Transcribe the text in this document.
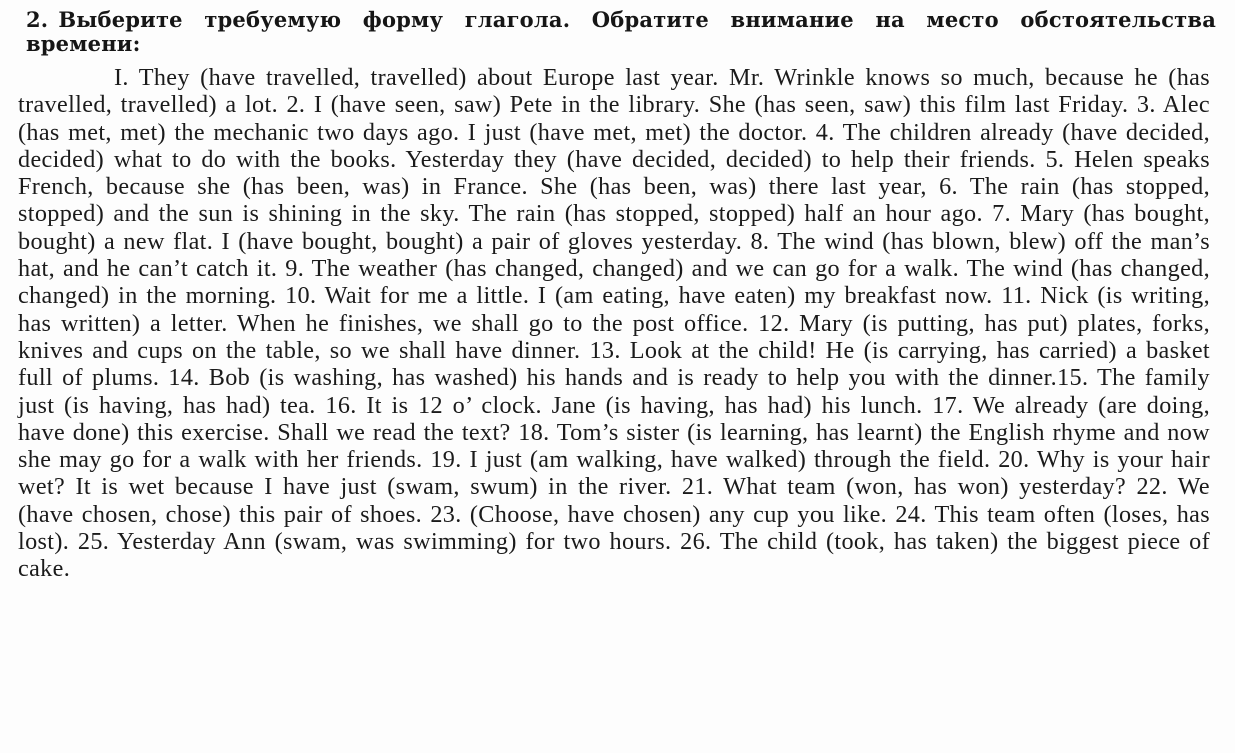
2. Выберите требуемую форму глагола. Обратите внимание на место обстоятельства времени:
I. They (have travelled, travelled) about Europe last year. Mr. Wrinkle knows so much, because he (has travelled, travelled) a lot. 2. I (have seen, saw) Pete in the library. She (has seen, saw) this film last Friday. 3. Alec (has met, met) the mechanic two days ago. I just (have met, met) the doctor. 4. The children already (have decided, decided) what to do with the books. Yesterday they (have decided, decided) to help their friends. 5. Helen speaks French, because she (has been, was) in France. She (has been, was) there last year, 6. The rain (has stopped, stopped) and the sun is shining in the sky. The rain (has stopped, stopped) half an hour ago. 7. Mary (has bought, bought) a new flat. I (have bought, bought) a pair of gloves yesterday. 8. The wind (has blown, blew) off the man’s hat, and he can’t catch it. 9. The weather (has changed, changed) and we can go for a walk. The wind (has changed, changed) in the morning. 10. Wait for me a little. I (am eating, have eaten) my breakfast now. 11. Nick (is writing, has written) a letter. When he finishes, we shall go to the post office. 12. Mary (is putting, has put) plates, forks, knives and cups on the table, so we shall have dinner. 13. Look at the child! He (is carrying, has carried) a basket full of plums. 14. Bob (is washing, has washed) his hands and is ready to help you with the dinner.15. The family just (is having, has had) tea. 16. It is 12 o’ clock. Jane (is having, has had) his lunch. 17. We already (are doing, have done) this exercise. Shall we read the text? 18. Tom’s sister (is learning, has learnt) the English rhyme and now she may go for a walk with her friends. 19. I just (am walking, have walked) through the field. 20. Why is your hair wet? It is wet because I have just (swam, swum) in the river. 21. What team (won, has won) yesterday? 22. We (have chosen, chose) this pair of shoes. 23. (Choose, have chosen) any cup you like. 24. This team often (loses, has lost). 25. Yesterday Ann (swam, was swimming) for two hours. 26. The child (took, has taken) the biggest piece of cake.
